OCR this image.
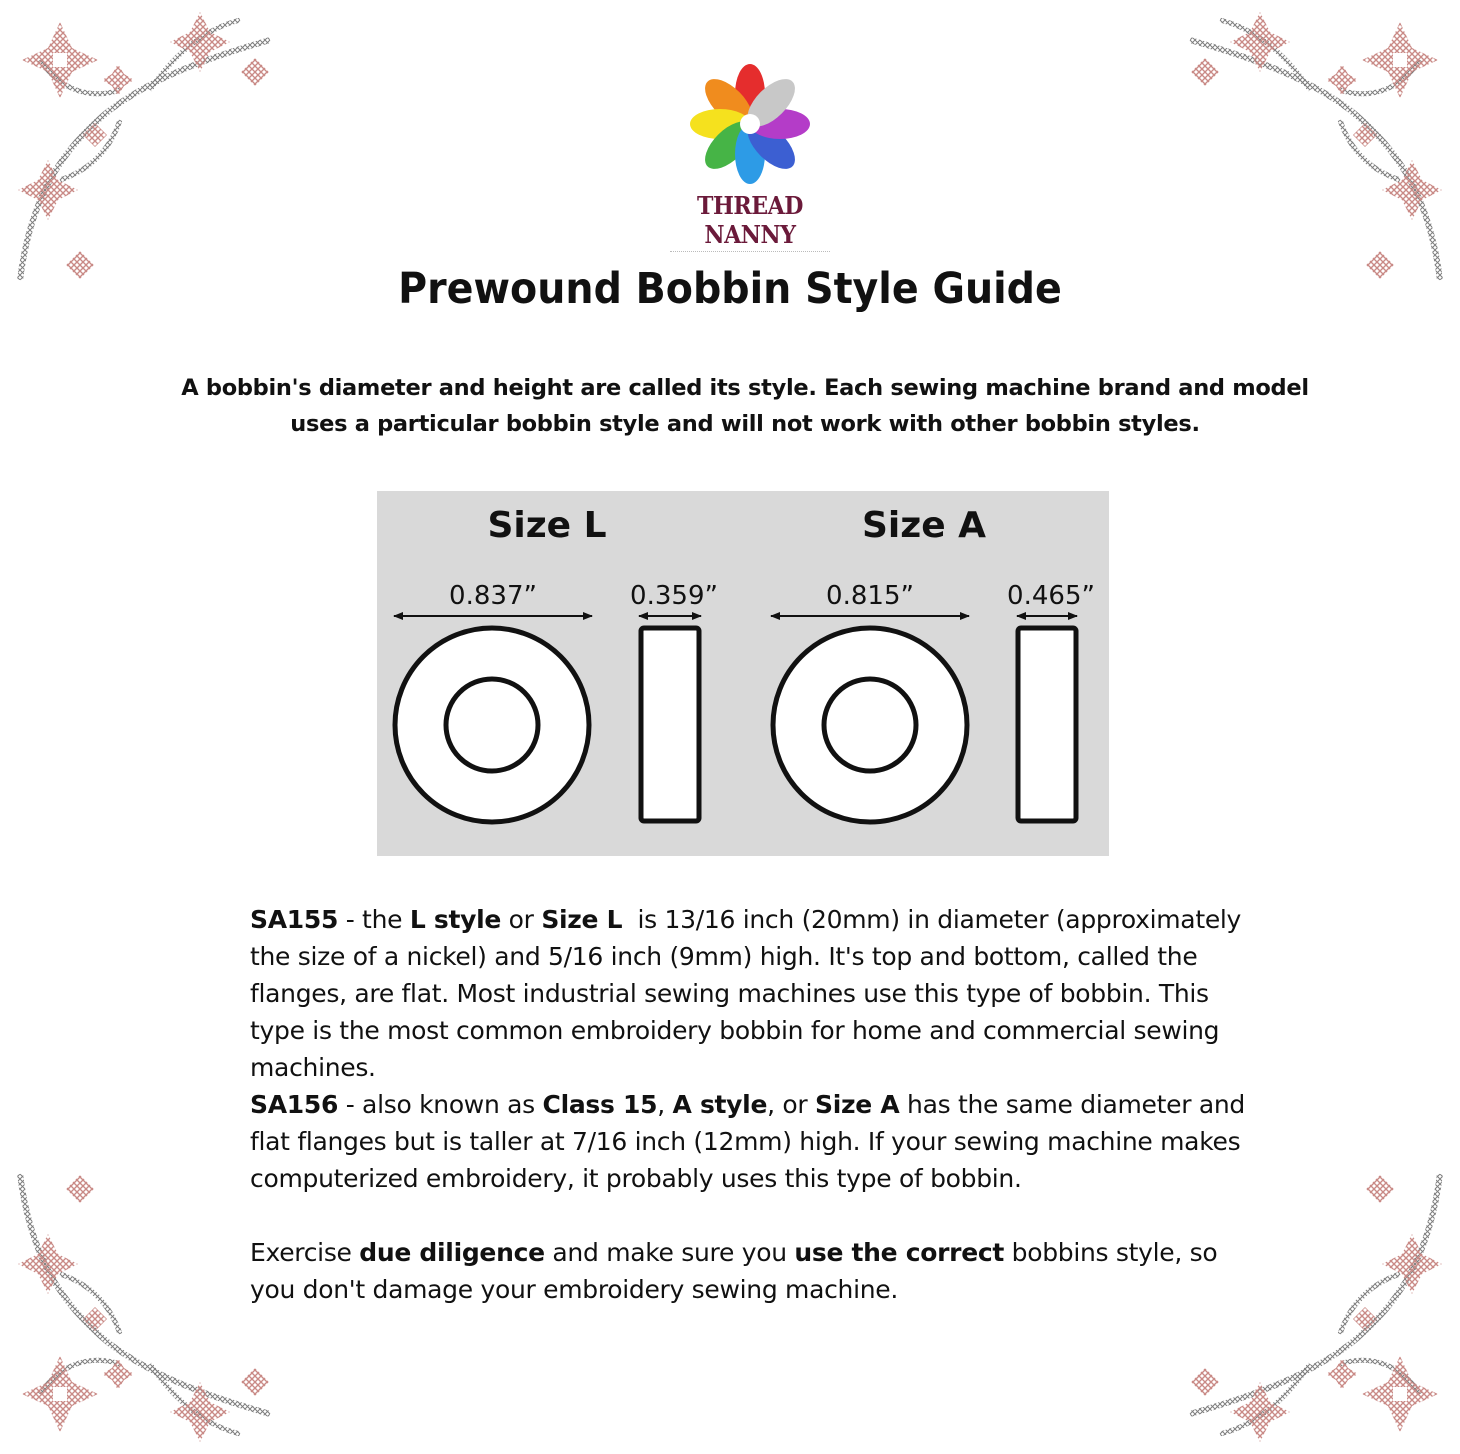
THREAD NANNY
Prewound Bobbin Style Guide
A bobbin's diameter and height are called its style. Each sewing machine brand and model uses a particular bobbin style and will not work with other bobbin styles.
Size L	Size A
0.837”	0.359”	0.815”	0.465”
SA155 - the L style or Size L  is 13/16 inch (20mm) in diameter (approximately the size of a nickel) and 5/16 inch (9mm) high. It's top and bottom, called the flanges, are flat. Most industrial sewing machines use this type of bobbin. This type is the most common embroidery bobbin for home and commercial sewing machines.
SA156 - also known as Class 15, A style, or Size A has the same diameter and flat flanges but is taller at 7/16 inch (12mm) high. If your sewing machine makes computerized embroidery, it probably uses this type of bobbin.
Exercise due diligence and make sure you use the correct bobbins style, so you don't damage your embroidery sewing machine.
